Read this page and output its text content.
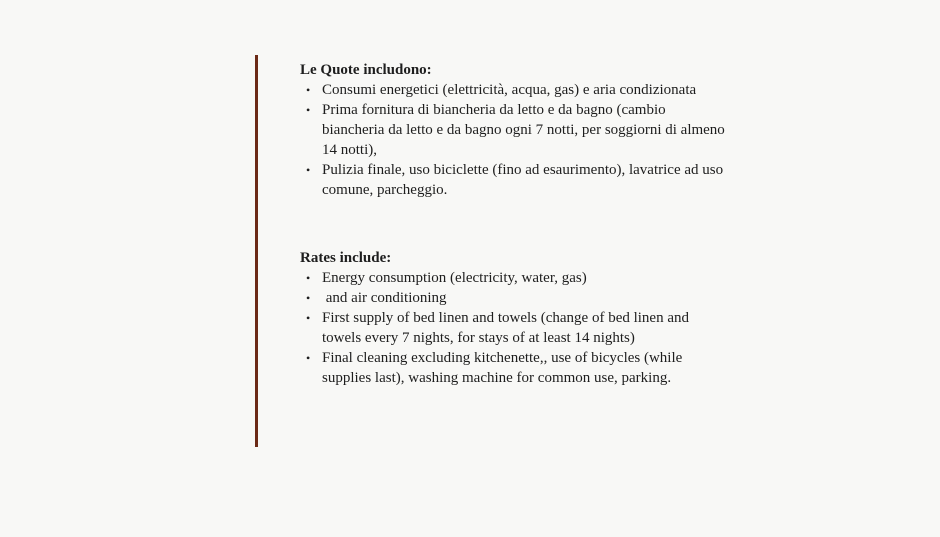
Le Quote includono:
• Consumi energetici (elettricità, acqua, gas) e aria condizionata
• Prima fornitura di biancheria da letto e da bagno (cambio biancheria da letto e da bagno ogni 7 notti, per soggiorni di almeno 14 notti),
• Pulizia finale, uso biciclette (fino ad esaurimento), lavatrice ad uso comune, parcheggio.
Rates include:
• Energy consumption (electricity, water, gas)
• and air conditioning
• First supply of bed linen and towels (change of bed linen and towels every 7 nights, for stays of at least 14 nights)
• Final cleaning excluding kitchenette,, use of bicycles (while supplies last), washing machine for common use, parking.
